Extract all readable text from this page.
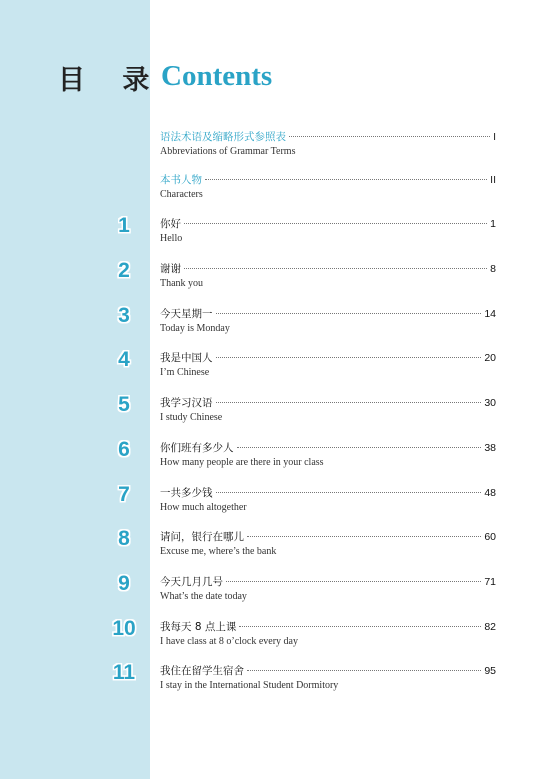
目 录
Contents
语法术语及缩略形式参照表	I
Abbreviations of Grammar Terms
本书人物	II
Characters
1	你好	1
Hello
2	谢谢	8
Thank you
3	今天星期一	14
Today is Monday
4	我是中国人	20
I’m Chinese
5	我学习汉语	30
I study Chinese
6	你们班有多少人	38
How many people are there in your class
7	一共多少钱	48
How much altogether
8	请问，银行在哪儿	60
Excuse me, where’s the bank
9	今天几月几号	71
What’s the date today
10	我每天 8 点上课	82
I have class at 8 o’clock every day
11	我住在留学生宿舍	95
I stay in the International Student Dormitory
